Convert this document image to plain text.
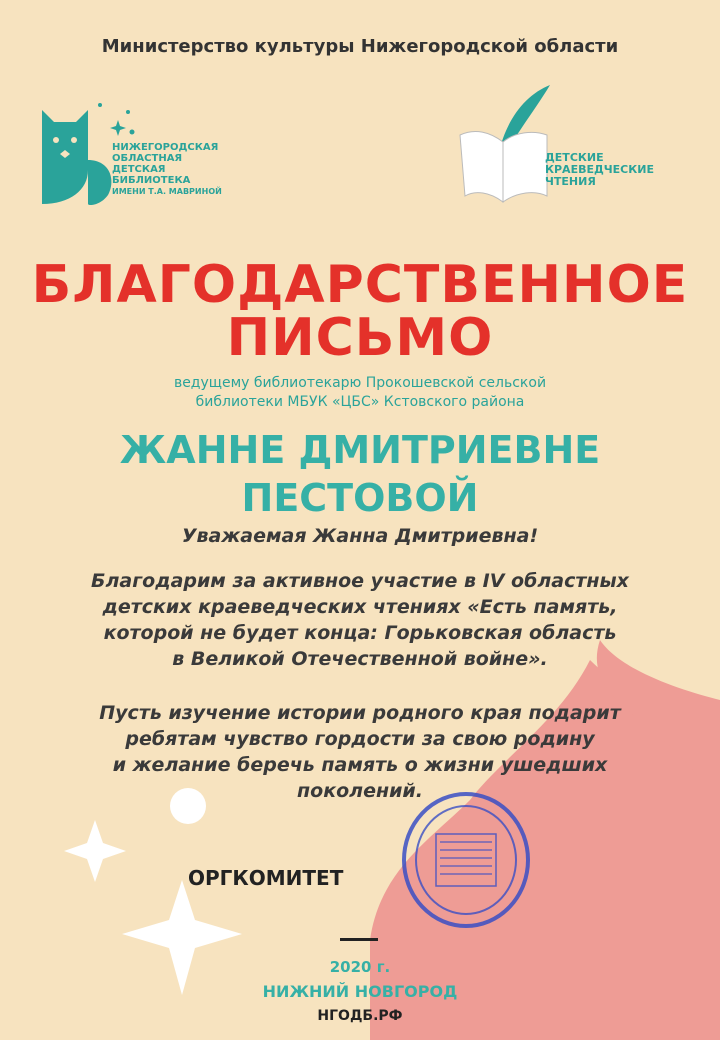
Министерство культуры Нижегородской области
НИЖЕГОРОДСКАЯ
ОБЛАСТНАЯ
ДЕТСКАЯ
БИБЛИОТЕКА
ИМЕНИ Т.А. МАВРИНОЙ
ДЕТСКИЕ
КРАЕВЕДЧЕСКИЕ
ЧТЕНИЯ
БЛАГОДАРСТВЕННОЕ
ПИСЬМО
ведущему библиотекарю Прокошевской сельской
библиотеки МБУК «ЦБС» Кстовского района
ЖАННЕ ДМИТРИЕВНЕ
ПЕСТОВОЙ
Уважаемая Жанна Дмитриевна!
Благодарим за активное участие в IV областных
детских краеведческих чтениях «Есть память,
которой не будет конца: Горьковская область
в Великой Отечественной войне».
Пусть изучение истории родного края подарит
ребятам чувство гордости за свою родину
и желание беречь память о жизни ушедших
поколений.
ОРГКОМИТЕТ
2020 г.
НИЖНИЙ НОВГОРОД
НГОДБ.РФ
